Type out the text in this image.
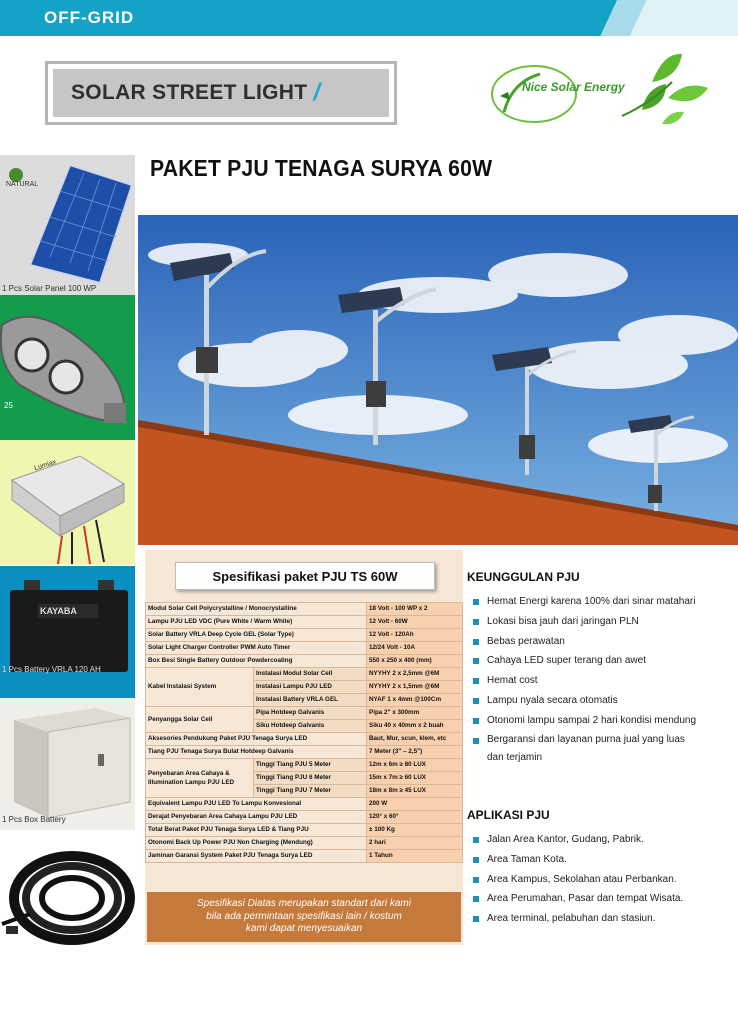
OFF-GRID
SOLAR STREET LIGHT /	Nice Solar Energy
PAKET PJU TENAGA SURYA 60W
NATURAL
1 Pcs Solar Panel 100 WP
25
Lumiax
KAYABA
1 Pcs Battery VRLA 120 AH
1 Pcs Box Battery
Spesifikasi paket PJU TS 60W
Modul Solar Cell Polycrystalline / Monocrystalline		18 Volt - 100 WP x 2
Lampu PJU LED VDC (Pure White / Warm White)		12 Volt - 60W
Solar Battery VRLA Deep Cycle GEL (Solar Type)		12 Volt - 120Ah
Solar Light Charger Controller PWM Auto Timer		12/24 Volt - 10A
Box Besi Single Battery Outdoor Powdercoating		550 x 250 x 400 (mm)
Kabel Instalasi System	Instalasi Modul Solar Cell	NYYHY 2 x 2,5mm @6M
	Instalasi Lampu PJU LED	NYYHY 2 x 1,5mm @6M
	Instalasi Battery VRLA GEL	NYAF 1 x 4mm @100Cm
Penyangga Solar Cell	Pipa Hotdeep Galvanis	Pipa 2" x 300mm
	Siku Hotdeep Galvanis	Siku 40 x 40mm x 2 buah
Aksesories Pendukung Paket PJU Tenaga Surya LED		Baut, Mur, scun, klem, etc
Tiang PJU Tenaga Surya Bulat Hotdeep Galvanis		7 Meter (3" – 2,5")
Penyebaran Area Cahaya & Illumination Lampu PJU LED	Tinggi Tiang PJU 5 Meter	12m x 6m ≥ 80 LUX
	Tinggi Tiang PJU 6 Meter	15m x 7m ≥ 60 LUX
	Tinggi Tiang PJU 7 Meter	18m x 8m ≥ 45 LUX
Equivalent Lampu PJU LED To Lampu Konvesional		200 W
Derajat Penyebaran Area Cahaya Lampu PJU LED		120° x 60°
Total Berat Paket PJU Tenaga Surya LED & Tiang PJU		± 100 Kg
Otonomi Back Up Power PJU Non Charging (Mendung)		2 hari
Jaminan Garansi System Paket PJU Tenaga Surya LED		1 Tahun
Spesifikasi Diatas merupakan standart dari kami
bila ada permintaan spesifikasi lain / kostum
kami dapat menyesuaikan
KEUNGGULAN PJU
Hemat Energi karena 100% dari sinar matahari
Lokasi bisa jauh dari jaringan PLN
Bebas perawatan
Cahaya LED super terang dan awet
Hemat cost
Lampu nyala secara otomatis
Otonomi lampu sampai 2 hari kondisi mendung
Bergaransi dan layanan purna jual yang luas
dan terjamin
APLIKASI PJU
Jalan Area Kantor, Gudang, Pabrik.
Area Taman Kota.
Area Kampus, Sekolahan atau Perbankan.
Area Perumahan, Pasar dan tempat Wisata.
Area terminal, pelabuhan dan stasiun.
